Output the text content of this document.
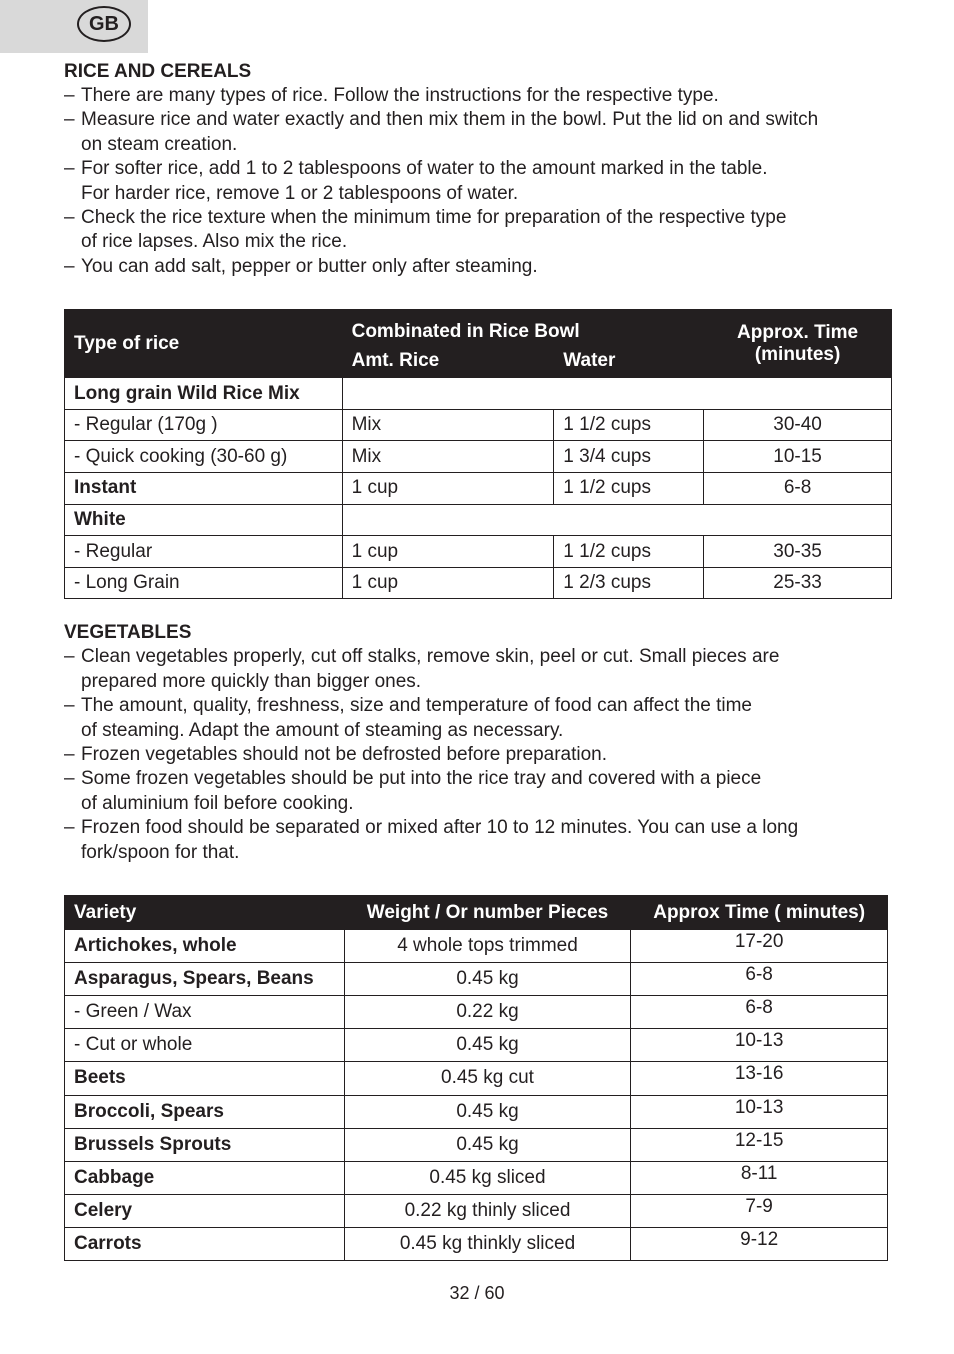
GB
RICE AND CEREALS
– There are many types of rice. Follow the instructions for the respective type.
– Measure rice and water exactly and then mix them in the bowl. Put the lid on and switch
on steam creation.
– For softer rice, add 1 to 2 tablespoons of water to the amount marked in the table.
For harder rice, remove 1 or 2 tablespoons of water.
– Check the rice texture when the minimum time for preparation of the respective type
of rice lapses. Also mix the rice.
– You can add salt, pepper or butter only after steaming.
Type of rice	Combinated in Rice Bowl		Approx. Time
(minutes)
	Amt. Rice	Water	
Long grain Wild Rice Mix			
- Regular (170g )	Mix	1 1/2 cups	30-40
- Quick cooking (30-60 g)	Mix	1 3/4 cups	10-15
Instant	1 cup	1 1/2 cups	6-8
White			
- Regular	1 cup	1 1/2 cups	30-35
- Long Grain	1 cup	1 2/3 cups	25-33
VEGETABLES
– Clean vegetables properly, cut off stalks, remove skin, peel or cut. Small pieces are
prepared more quickly than bigger ones.
– The amount, quality, freshness, size and temperature of food can affect the time
of steaming. Adapt the amount of steaming as necessary.
– Frozen vegetables should not be defrosted before preparation.
– Some frozen vegetables should be put into the rice tray and covered with a piece
of aluminium foil before cooking.
– Frozen food should be separated or mixed after 10 to 12 minutes. You can use a long
fork/spoon for that.
Variety	Weight / Or number Pieces	Approx Time ( minutes)
Artichokes, whole	4 whole tops trimmed	17-20
Asparagus, Spears, Beans	0.45 kg	6-8
- Green / Wax	0.22 kg	6-8
- Cut or whole	0.45 kg	10-13
Beets	0.45 kg cut	13-16
Broccoli, Spears	0.45 kg	10-13
Brussels Sprouts	0.45 kg	12-15
Cabbage	0.45 kg sliced	8-11
Celery	0.22 kg thinly sliced	7-9
Carrots	0.45 kg thinkly sliced	9-12
32 / 60
